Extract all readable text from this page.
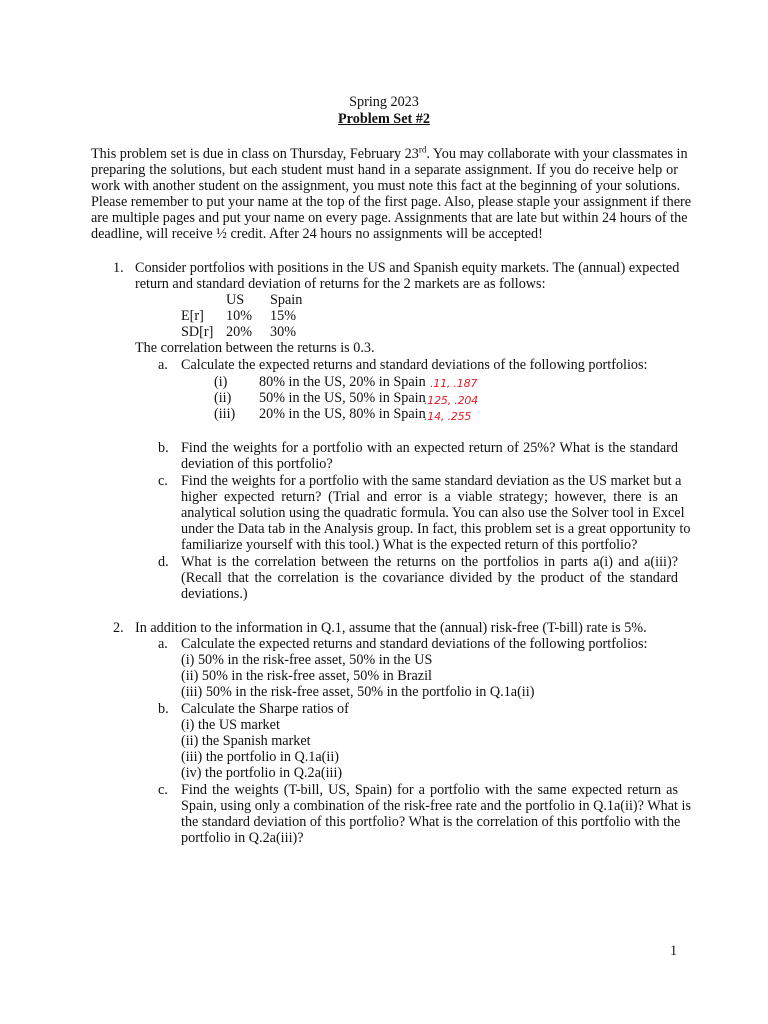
Spring 2023
Problem Set #2
This problem set is due in class on Thursday, February 23rd. You may collaborate with your classmates in
preparing the solutions, but each student must hand in a separate assignment. If you do receive help or
work with another student on the assignment, you must note this fact at the beginning of your solutions.
Please remember to put your name at the top of the first page. Also, please staple your assignment if there
are multiple pages and put your name on every page. Assignments that are late but within 24 hours of the
deadline, will receive ½ credit. After 24 hours no assignments will be accepted!
1. Consider portfolios with positions in the US and Spanish equity markets. The (annual) expected
return and standard deviation of returns for the 2 markets are as follows:
US Spain
E[r] 10% 15%
SD[r] 20% 30%
The correlation between the returns is 0.3.
a. Calculate the expected returns and standard deviations of the following portfolios:
(i) 80% in the US, 20% in Spain .11, .187
(ii) 50% in the US, 50% in Spain
.125, .204
(iii) 20% in the US, 80% in Spain
.14, .255
b. Find the weights for a portfolio with an expected return of 25%? What is the standard
deviation of this portfolio?
c. Find the weights for a portfolio with the same standard deviation as the US market but a
higher expected return? (Trial and error is a viable strategy; however, there is an
analytical solution using the quadratic formula. You can also use the Solver tool in Excel
under the Data tab in the Analysis group. In fact, this problem set is a great opportunity to
familiarize yourself with this tool.) What is the expected return of this portfolio?
d. What is the correlation between the returns on the portfolios in parts a(i) and a(iii)?
(Recall that the correlation is the covariance divided by the product of the standard
deviations.)
2. In addition to the information in Q.1, assume that the (annual) risk-free (T-bill) rate is 5%.
a. Calculate the expected returns and standard deviations of the following portfolios:
(i) 50% in the risk-free asset, 50% in the US
(ii) 50% in the risk-free asset, 50% in Brazil
(iii) 50% in the risk-free asset, 50% in the portfolio in Q.1a(ii)
b. Calculate the Sharpe ratios of
(i) the US market
(ii) the Spanish market
(iii) the portfolio in Q.1a(ii)
(iv) the portfolio in Q.2a(iii)
c. Find the weights (T-bill, US, Spain) for a portfolio with the same expected return as
Spain, using only a combination of the risk-free rate and the portfolio in Q.1a(ii)? What is
the standard deviation of this portfolio? What is the correlation of this portfolio with the
portfolio in Q.2a(iii)?
1
